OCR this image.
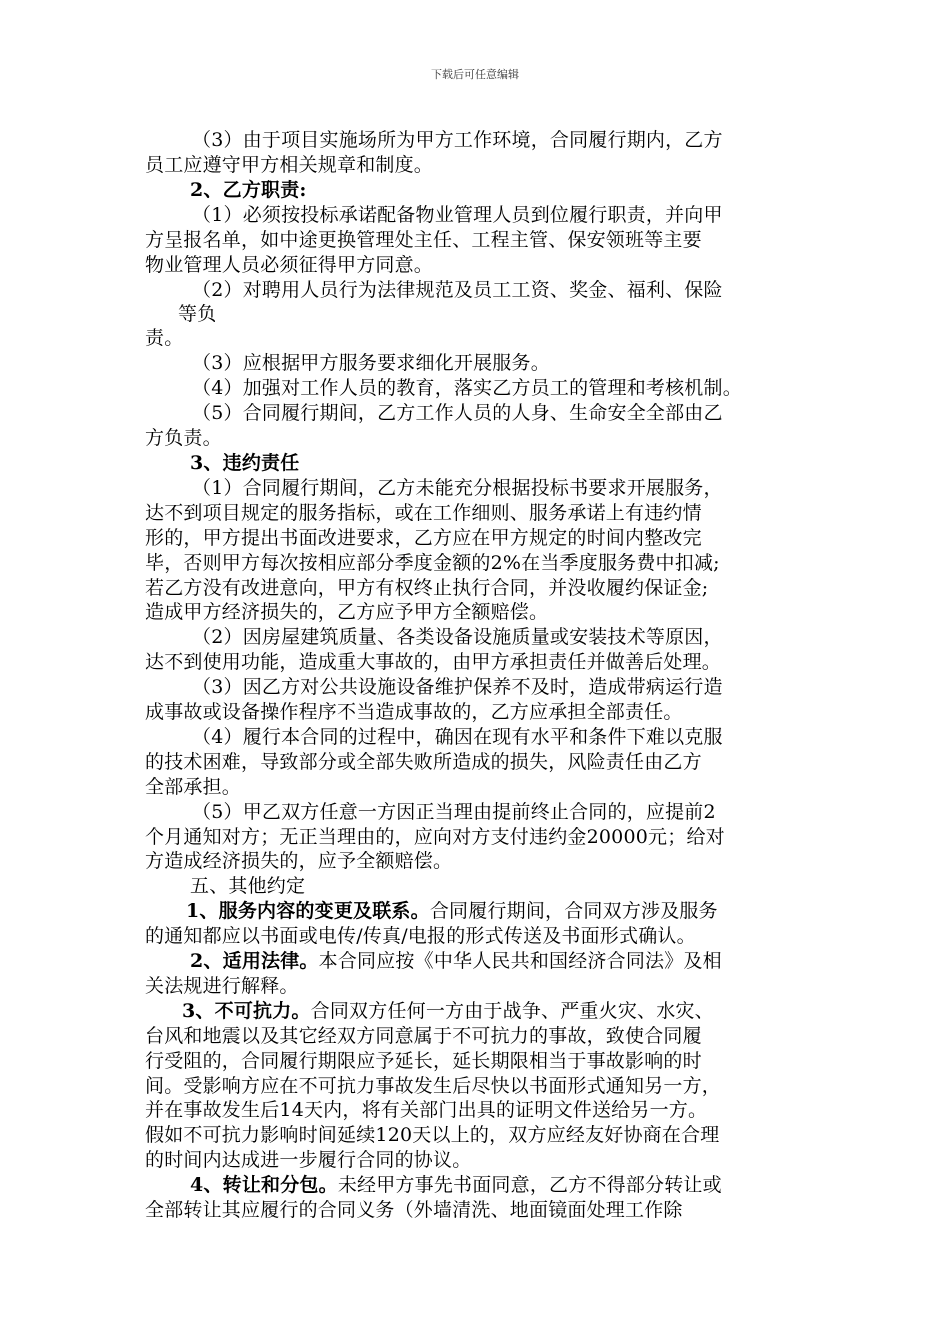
下载后可任意编辑
（3）由于项目实施场所为甲方工作环境，合同履行期内，乙方
员工应遵守甲方相关规章和制度。
2、乙方职责:
（1）必须按投标承诺配备物业管理人员到位履行职责，并向甲
方呈报名单，如中途更换管理处主任、工程主管、保安领班等主要
物业管理人员必须征得甲方同意。
（2）对聘用人员行为法律规范及员工工资、奖金、福利、保险
等负
责。
（3）应根据甲方服务要求细化开展服务。
（4）加强对工作人员的教育，落实乙方员工的管理和考核机制。
（5）合同履行期间，乙方工作人员的人身、生命安全全部由乙
方负责。
3、违约责任
（1）合同履行期间，乙方未能充分根据投标书要求开展服务，
达不到项目规定的服务指标，或在工作细则、服务承诺上有违约情
形的，甲方提出书面改进要求，乙方应在甲方规定的时间内整改完
毕，否则甲方每次按相应部分季度金额的2%在当季度服务费中扣减;
若乙方没有改进意向，甲方有权终止执行合同，并没收履约保证金;
造成甲方经济损失的，乙方应予甲方全额赔偿。
（2）因房屋建筑质量、各类设备设施质量或安装技术等原因，
达不到使用功能，造成重大事故的，由甲方承担责任并做善后处理。
（3）因乙方对公共设施设备维护保养不及时，造成带病运行造
成事故或设备操作程序不当造成事故的，乙方应承担全部责任。
（4）履行本合同的过程中，确因在现有水平和条件下难以克服
的技术困难，导致部分或全部失败所造成的损失，风险责任由乙方
全部承担。
（5）甲乙双方任意一方因正当理由提前终止合同的，应提前2
个月通知对方；无正当理由的，应向对方支付违约金20000元；给对
方造成经济损失的，应予全额赔偿。
五、其他约定
1、服务内容的变更及联系。合同履行期间，合同双方涉及服务
的通知都应以书面或电传/传真/电报的形式传送及书面形式确认。
2、适用法律。本合同应按《中华人民共和国经济合同法》及相
关法规进行解释。
3、不可抗力。合同双方任何一方由于战争、严重火灾、水灾、
台风和地震以及其它经双方同意属于不可抗力的事故，致使合同履
行受阻的，合同履行期限应予延长，延长期限相当于事故影响的时
间。受影响方应在不可抗力事故发生后尽快以书面形式通知另一方，
并在事故发生后14天内，将有关部门出具的证明文件送给另一方。
假如不可抗力影响时间延续120天以上的，双方应经友好协商在合理
的时间内达成进一步履行合同的协议。
4、转让和分包。未经甲方事先书面同意，乙方不得部分转让或
全部转让其应履行的合同义务（外墙清洗、地面镜面处理工作除
